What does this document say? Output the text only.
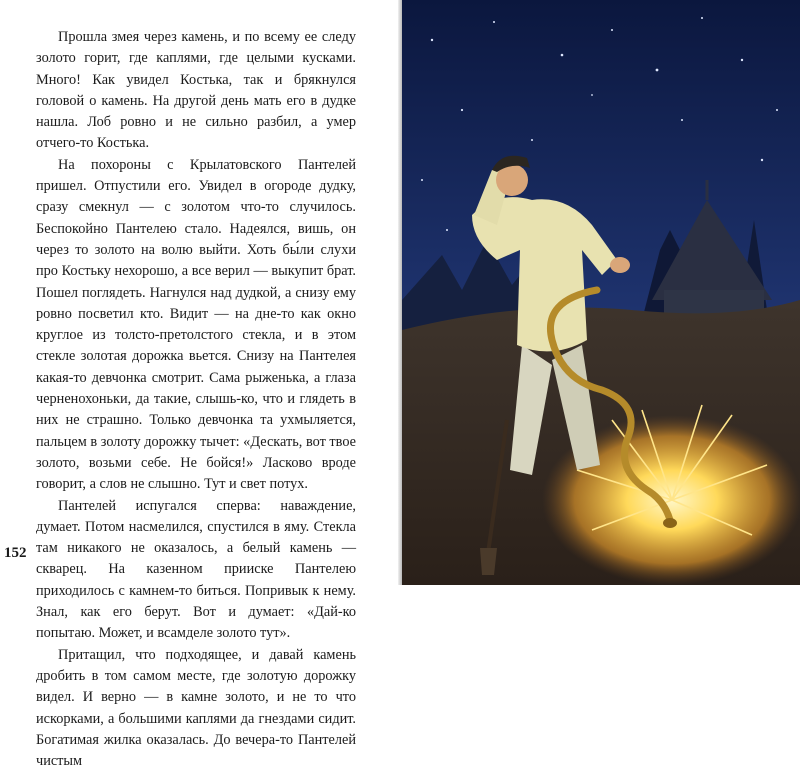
Прошла змея через камень, и по всему ее следу золото горит, где каплями, где целыми кусками. Много! Как увидел Костька, так и брякнулся головой о камень. На другой день мать его в дудке нашла. Лоб ровно и не сильно разбил, а умер отчего-то Костька.

На похороны с Крылатовского Пантелей пришел. Отпустили его. Увидел в огороде дудку, сразу смекнул — с золотом что-то случилось. Беспокойно Пантелею стало. Надеялся, вишь, он через то золото на волю выйти. Хоть бы́ли слухи про Костьку нехорошо, а все верил — выкупит брат. Пошел поглядеть. Нагнулся над дудкой, а снизу ему ровно посветил кто. Видит — на дне-то как окно круглое из толсто-претолстого стекла, и в этом стекле золотая дорожка вьется. Снизу на Пантелея какая-то девчонка смотрит. Сама рыженька, а глаза черненохоньки, да такие, слышь-ко, что и глядеть в них не страшно. Только девчонка та ухмыляется, пальцем в золоту дорожку тычет: «Дескать, вот твое золото, возьми себе. Не бойся!» Ласково вроде говорит, а слов не слышно. Тут и свет потух.

Пантелей испугался сперва: наваждение, думает. Потом насмелился, спустился в яму. Стекла там никакого не оказалось, а белый камень — скварец. На казенном прииске Пантелею приходилось с камнем-то биться. Попривык к нему. Знал, как его берут. Вот и думает: «Дай-ко попытаю. Может, и всамделе золото тут».

Притащил, что подходящее, и давай камень дробить в том самом месте, где золотую дорожку видел. И верно — в камне золото, и не то что искорками, а большими каплями да гнездами сидит. Богатимая жилка оказалась. До вечера-то Пантелей чистым

152
